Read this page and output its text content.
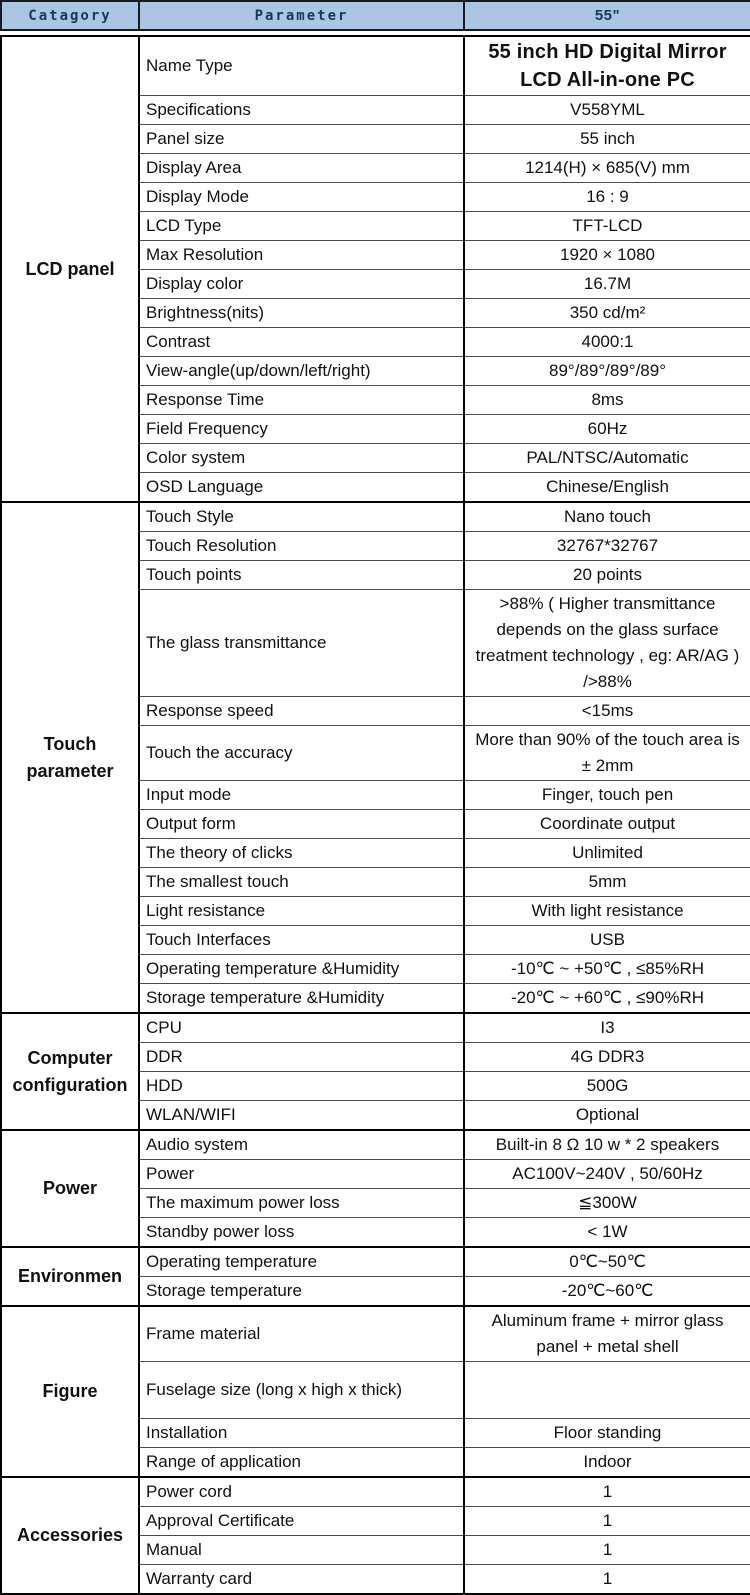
Catagory	Parameter	55"
LCD panel	Name Type	55 inch HD Digital Mirror LCD All-in-one PC
	Specifications	V558YML
	Panel size	55 inch
	Display Area	1214(H) × 685(V) mm
	Display Mode	16 : 9
	LCD Type	TFT-LCD
	Max Resolution	1920 × 1080
	Display color	16.7M
	Brightness(nits)	350 cd/m²
	Contrast	4000:1
	View-angle(up/down/left/right)	89°/89°/89°/89°
	Response Time	8ms
	Field Frequency	60Hz
	Color system	PAL/NTSC/Automatic
	OSD Language	Chinese/English
Touch parameter	Touch Style	Nano touch
	Touch Resolution	32767*32767
	Touch points	20 points
	The glass transmittance	>88% ( Higher transmittance depends on the glass surface treatment technology , eg: AR/AG ) />88%
	Response speed	<15ms
	Touch the accuracy	More than 90% of the touch area is ± 2mm
	Input mode	Finger, touch pen
	Output form	Coordinate output
	The theory of clicks	Unlimited
	The smallest touch	5mm
	Light resistance	With light resistance
	Touch Interfaces	USB
	Operating temperature &Humidity	-10℃ ~ +50℃ , ≤85%RH
	Storage temperature &Humidity	-20℃ ~ +60℃ , ≤90%RH
Computer configuration	CPU	I3
	DDR	4G DDR3
	HDD	500G
	WLAN/WIFI	Optional
Power	Audio system	Built-in 8 Ω 10 w * 2 speakers
	Power	AC100V~240V , 50/60Hz
	The maximum power loss	≦300W
	Standby power loss	< 1W
Environmen	Operating temperature	0℃~50℃
	Storage temperature	-20℃~60℃
Figure	Frame material	Aluminum frame + mirror glass panel + metal shell
	Fuselage size (long x high x thick)	
	Installation	Floor standing
	Range of application	Indoor
Accessories	Power cord	1
	Approval Certificate	1
	Manual	1
	Warranty card	1
